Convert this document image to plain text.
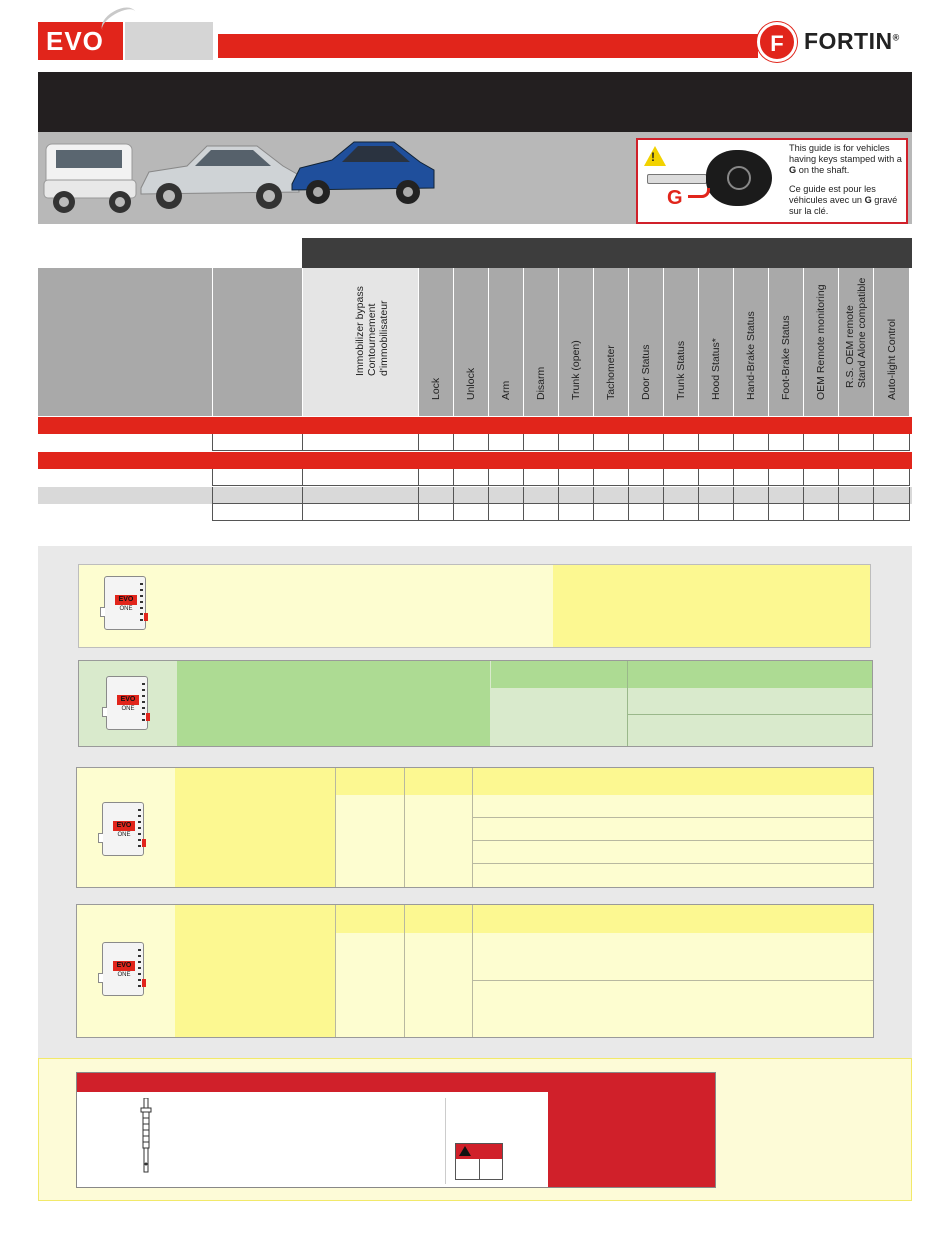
EVO	F FORTIN®
!
G

This guide is for vehicles having keys stamped with a G on the shaft.

Ce guide est pour les véhicules avec un G gravé sur la clé.

Immobilizer bypass
Contournement
d'immobilisateur
Lock Unlock Arm Disarm Trunk (open) Tachometer Door Status Trunk Status Hood Status* Hand-Brake Status Foot-Brake Status OEM Remote monitoring R.S. OEM remote
Stand Alone compatible
Auto-light Control
EVO
ONE
EVO
ONE
EVO
ONE
EVO
ONE
